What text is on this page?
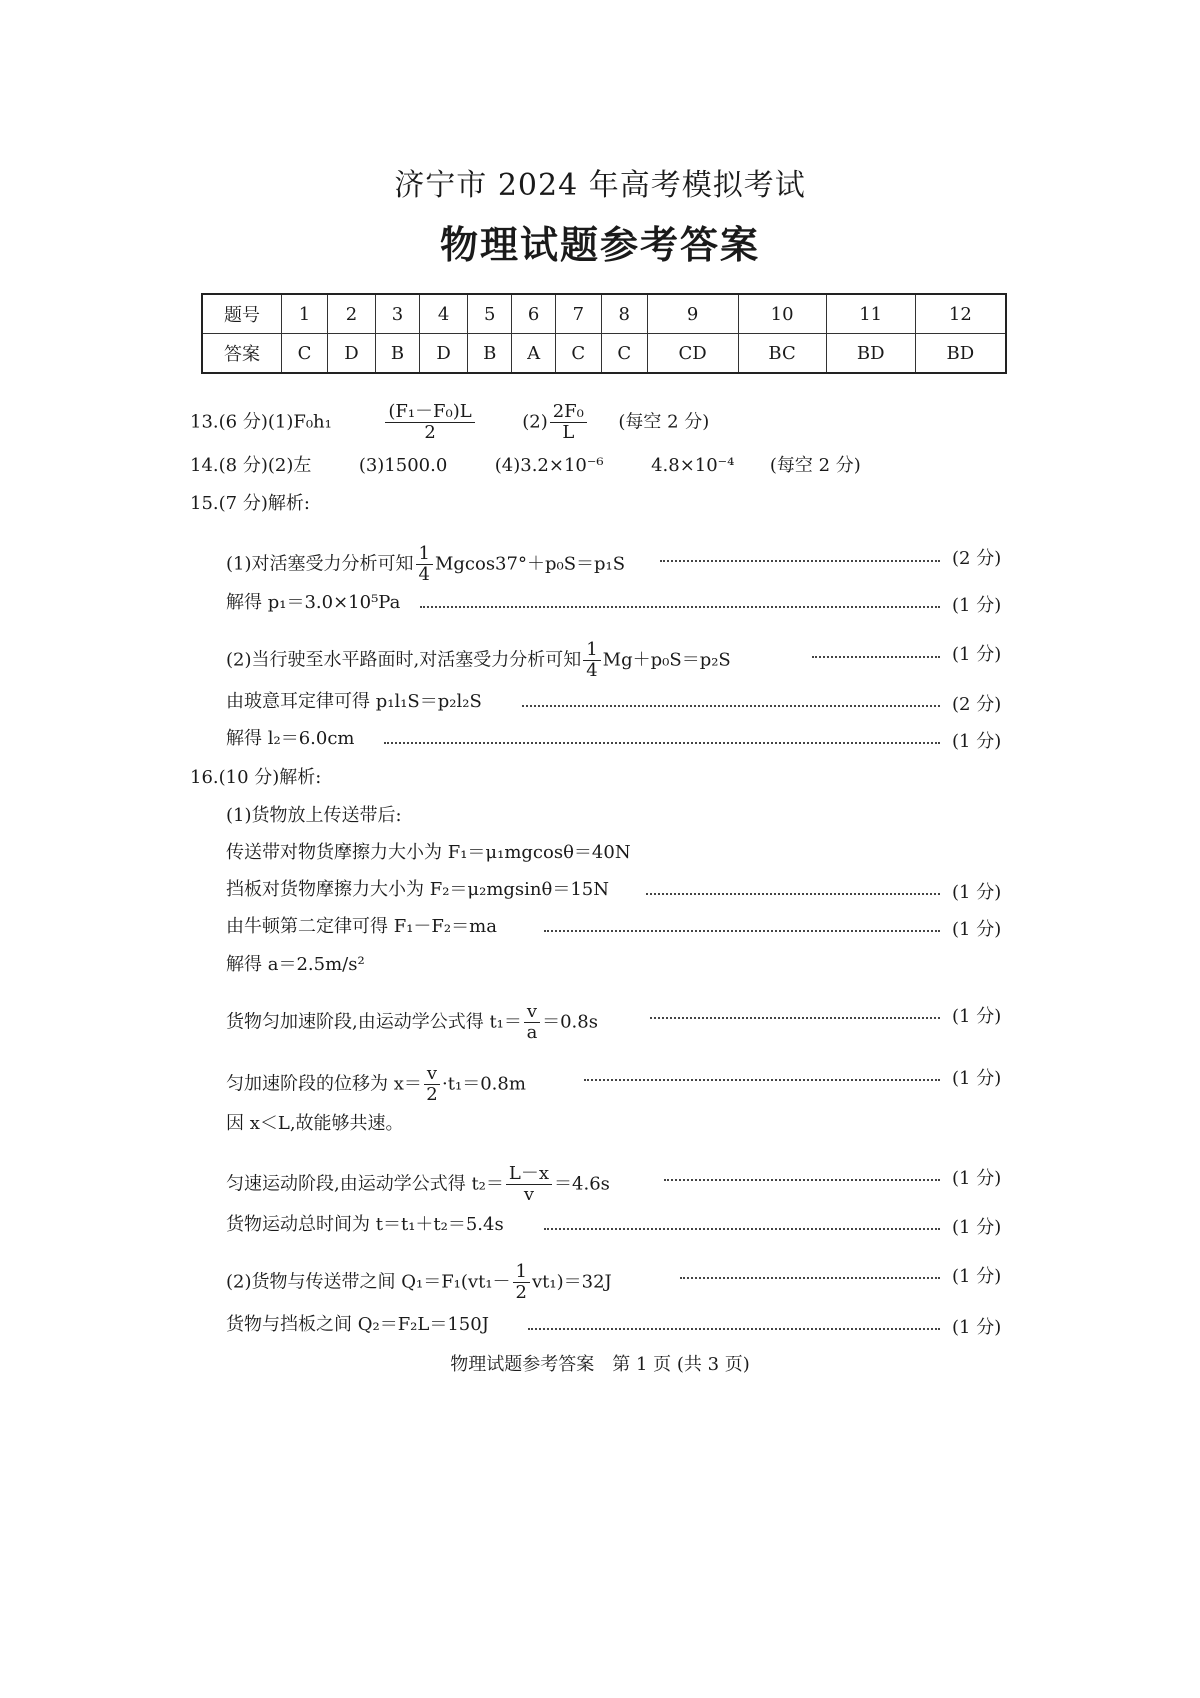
济宁市 2024 年高考模拟考试
物理试题参考答案
题号	1	2	3	4	5	6	7	8	9	10	11	12
答案	C	D	B	D	B	A	C	C	CD	BC	BD	BD
13.(6 分)(1)F₀h₁	$\frac{\text{(F₁－F₀)L}}{2}$	$(2) \frac{\text{2F₀}}{L}$ (每空 2 分)
14.(8 分)(2)左	(3)1500.0	(4)3.2×10⁻⁶	4.8×10⁻⁴ (每空 2 分)
15.(7 分)解析:
(1)对活塞受力分析可知 $\frac{1}{4} Mgcos37^\circ+p_0S=p_1S$	(2 分)
解得 p₁＝3.0×10⁵Pa	(1 分)
(2)当行驶至水平路面时,对活塞受力分析可知 $\frac{1}{4} Mg+p_0S=p_2S$	(1 分)
由玻意耳定律可得 p₁l₁S＝p₂l₂S	(2 分)
解得 l₂＝6.0cm	(1 分)
16.(10 分)解析:
(1)货物放上传送带后:
传送带对物货摩擦力大小为 F₁＝μ₁mgcosθ＝40N
挡板对货物摩擦力大小为 F₂＝μ₂mgsinθ＝15N	(1 分)
由牛顿第二定律可得 F₁－F₂＝ma	(1 分)
解得 a＝2.5m/s²
货物匀加速阶段,由运动学公式得 $t_1= \frac{v}{a} =0.8s$	(1 分)
匀加速阶段的位移为 $x= \frac{v}{2} \cdot t_1=0.8m$	(1 分)
因 x＜L,故能够共速。
匀速运动阶段,由运动学公式得 $t_2= \frac{L-x}{v} =4.6s$	(1 分)
货物运动总时间为 t＝t₁＋t₂＝5.4s	(1 分)
(2)货物与传送带之间 $Q_1=F_1(vt_1- \frac{1}{2} vt_1)=32J$	(1 分)
货物与挡板之间 Q₂＝F₂L＝150J	(1 分)
物理试题参考答案　第 1 页 (共 3 页)
